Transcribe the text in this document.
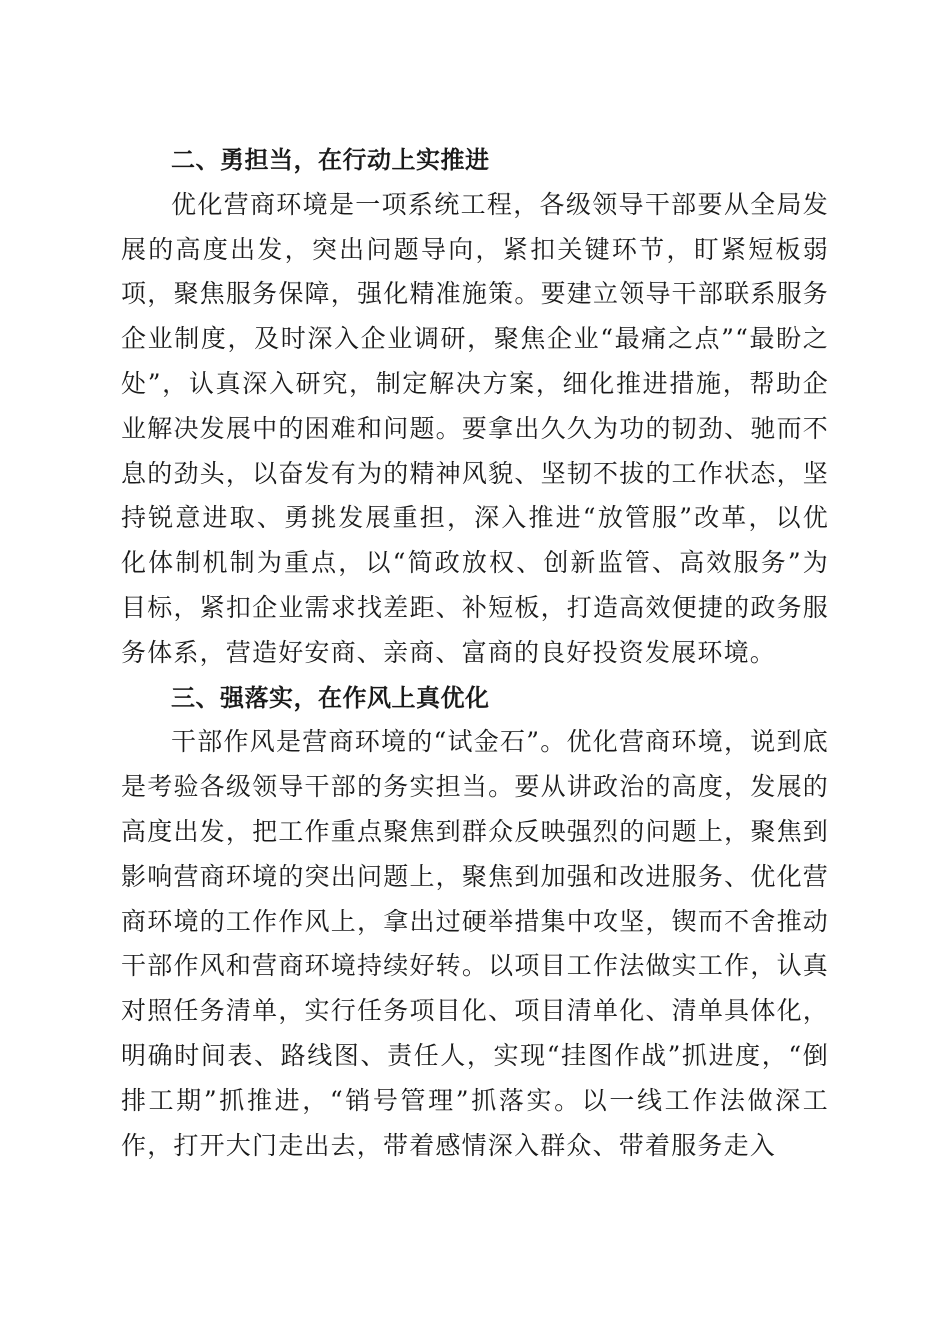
二、勇担当，在行动上实推进

优化营商环境是一项系统工程，各级领导干部要从全局发展的高度出发，突出问题导向，紧扣关键环节，盯紧短板弱项，聚焦服务保障，强化精准施策。要建立领导干部联系服务企业制度，及时深入企业调研，聚焦企业“最痛之点”“最盼之处”，认真深入研究，制定解决方案，细化推进措施，帮助企业解决发展中的困难和问题。要拿出久久为功的韧劲、驰而不息的劲头，以奋发有为的精神风貌、坚韧不拔的工作状态，坚持锐意进取、勇挑发展重担，深入推进“放管服”改革，以优化体制机制为重点，以“简政放权、创新监管、高效服务”为目标，紧扣企业需求找差距、补短板，打造高效便捷的政务服务体系，营造好安商、亲商、富商的良好投资发展环境。

三、强落实，在作风上真优化

干部作风是营商环境的“试金石”。优化营商环境，说到底是考验各级领导干部的务实担当。要从讲政治的高度，发展的高度出发，把工作重点聚焦到群众反映强烈的问题上，聚焦到影响营商环境的突出问题上，聚焦到加强和改进服务、优化营商环境的工作作风上，拿出过硬举措集中攻坚，锲而不舍推动干部作风和营商环境持续好转。以项目工作法做实工作，认真对照任务清单，实行任务项目化、项目清单化、清单具体化，明确时间表、路线图、责任人，实现“挂图作战”抓进度，“倒排工期”抓推进，“销号管理”抓落实。以一线工作法做深工作，打开大门走出去，带着感情深入群众、带着服务走入
